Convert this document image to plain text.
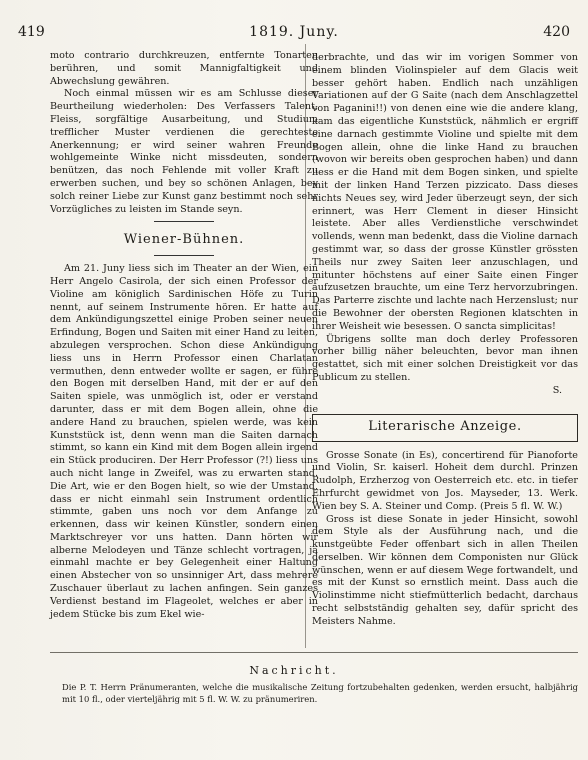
419	1819. Juny.	420

moto contrario durchkreuzen, entfernte Tonarten berühren, und somit Mannigfaltigkeit und Abwechslung gewähren.

Noch einmal müssen wir es am Schlusse dieser Beurtheilung wiederholen: Des Verfassers Talent, Fleiss, sorgfältige Ausarbeitung, und Studium trefflicher Muster verdienen die gerechteste Anerkennung; er wird seiner wahren Freunde wohlgemeinte Winke nicht missdeuten, sondern benützen, das noch Fehlende mit voller Kraft zu erwerben suchen, und bey so schönen Anlagen, bey solch reiner Liebe zur Kunst ganz bestimmt noch sehr Vorzügliches zu leisten im Stande seyn.

Wiener-Bühnen.

Am 21. Juny liess sich im Theater an der Wien, ein Herr Angelo Casirola, der sich einen Professor der Violine am königlich Sardinischen Höfe zu Turin nennt, auf seinem Instrumente hören. Er hatte auf dem Ankündigungszettel einige Proben seiner neuen Erfindung, Bogen und Saiten mit einer Hand zu leiten, abzulegen versprochen. Schon diese Ankündigung liess uns in Herrn Professor einen Charlatan vermuthen, denn entweder wollte er sagen, er führe den Bogen mit derselben Hand, mit der er auf den Saiten spiele, was unmöglich ist, oder er verstand darunter, dass er mit dem Bogen allein, ohne die andere Hand zu brauchen, spielen werde, was kein Kunststück ist, denn wenn man die Saiten darnach stimmt, so kann ein Kind mit dem Bogen allein irgend ein Stück produciren. Der Herr Professor (?!) liess uns auch nicht lange in Zweifel, was zu erwarten stand. Die Art, wie er den Bogen hielt, so wie der Umstand, dass er nicht einmahl sein Instrument ordentlich stimmte, gaben uns noch vor dem Anfange zu erkennen, dass wir keinen Künstler, sondern einen Marktschreyer vor uns hatten. Dann hörten wir alberne Melodeyen und Tänze schlecht vortragen, ja einmahl machte er bey Gelegenheit einer Haltung einen Abstecher von so unsinniger Art, dass mehrere Zuschauer überlaut zu lachen anfingen. Sein ganzes Verdienst bestand im Flageolet, welches er aber in jedem Stücke bis zum Ekel wie-

derbrachte, und das wir im vorigen Sommer von einem blinden Violinspieler auf dem Glacis weit besser gehört haben. Endlich nach unzähligen Variationen auf der G Saite (nach dem Anschlagzettel von Paganini!!) von denen eine wie die andere klang, kam das eigentliche Kunststück, nähmlich er ergriff eine darnach gestimmte Violine und spielte mit dem Bogen allein, ohne die linke Hand zu brauchen (wovon wir bereits oben gesprochen haben) und dann liess er die Hand mit dem Bogen sinken, und spielte mit der linken Hand Terzen pizzicato. Dass dieses nichts Neues sey, wird Jeder überzeugt seyn, der sich erinnert, was Herr Clement in dieser Hinsicht leistete. Aber alles Verdienstliche verschwindet vollends, wenn man bedenkt, dass die Violine darnach gestimmt war, so dass der grosse Künstler grössten Theils nur zwey Saiten leer anzuschlagen, und mitunter höchstens auf einer Saite einen Finger aufzusetzen brauchte, um eine Terz hervorzubringen. Das Parterre zischte und lachte nach Herzenslust; nur die Bewohner der obersten Regionen klatschten in ihrer Weisheit wie besessen. O sancta simplicitas!

Übrigens sollte man doch derley Professoren vorher billig näher beleuchten, bevor man ihnen gestattet, sich mit einer solchen Dreistigkeit vor das Publicum zu stellen.

S.
Literarische Anzeige.

Grosse Sonate (in Es), concertirend für Pianoforte und Violin, Sr. kaiserl. Hoheit dem durchl. Prinzen Rudolph, Erzherzog von Oesterreich etc. etc. in tiefer Ehrfurcht gewidmet von Jos. Mayseder, 13. Werk. Wien bey S. A. Steiner und Comp. (Preis 5 fl. W. W.)

Gross ist diese Sonate in jeder Hinsicht, sowohl dem Style als der Ausführung nach, und die kunstgeübte Feder offenbart sich in allen Theilen derselben. Wir können dem Componisten nur Glück wünschen, wenn er auf diesem Wege fortwandelt, und es mit der Kunst so ernstlich meint. Dass auch die Violinstimme nicht stiefmütterlich bedacht, darchaus recht selbstständig gehalten sey, dafür spricht des Meisters Nahme.

Nachricht.
Die P. T. Herrn Pränumeranten, welche die musikalische Zeitung fortzubehalten gedenken, werden ersucht, halbjährig mit 10 fl., oder vierteljährig mit 5 fl. W. W. zu pränumeriren.
